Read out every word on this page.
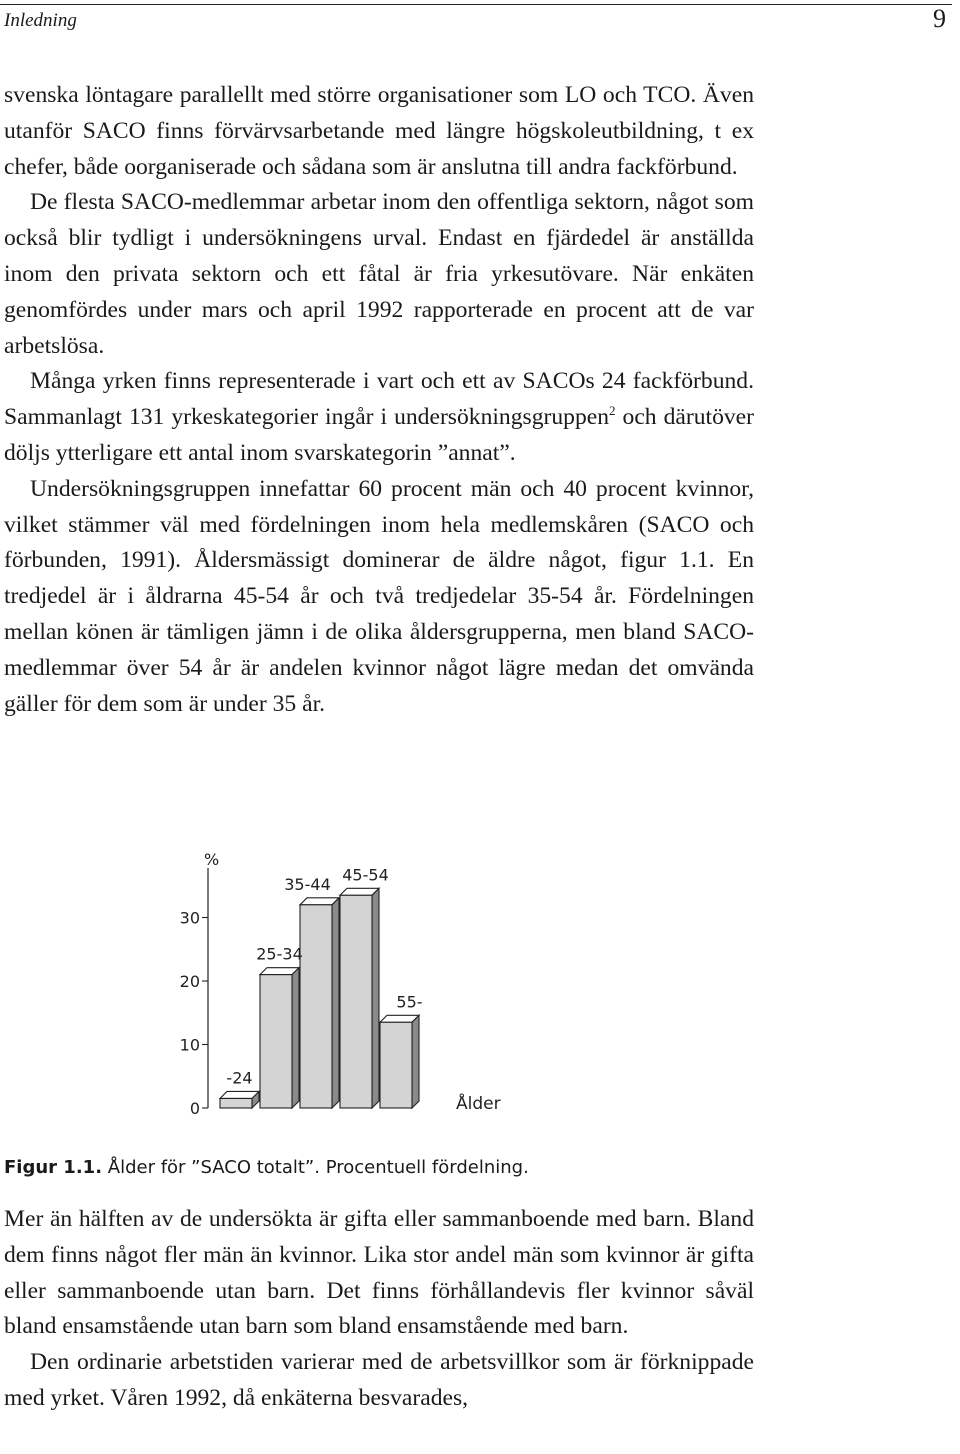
Inledning	9

svenska löntagare parallellt med större organisationer som LO och TCO. Även utanför SACO finns förvärvsarbetande med längre högskoleutbildning, t ex chefer, både oorganiserade och sådana som är anslutna till andra fackförbund.

De flesta SACO-medlemmar arbetar inom den offentliga sektorn, något som också blir tydligt i undersökningens urval. Endast en fjärdedel är anställda inom den privata sektorn och ett fåtal är fria yrkesutövare. När enkäten genomfördes under mars och april 1992 rapporterade en procent att de var arbetslösa.

Många yrken finns representerade i vart och ett av SACOs 24 fackförbund. Sammanlagt 131 yrkeskategorier ingår i undersökningsgruppen$^2$ och därutöver döljs ytterligare ett antal inom svarskategorin ”annat”.

Undersökningsgruppen innefattar 60 procent män och 40 procent kvinnor, vilket stämmer väl med fördelningen inom hela medlemskåren (SACO och förbunden, 1991). Åldersmässigt dominerar de äldre något, figur 1.1. En tredjedel är i åldrarna 45-54 år och två tredjedelar 35-54 år. Fördelningen mellan könen är tämligen jämn i de olika åldersgrupperna, men bland SACO-medlemmar över 54 år är andelen kvinnor något lägre medan det omvända gäller för dem som är under 35 år.

%
Ålder
0
10
20
30
-24
25-34
35-44
45-54
55-
Figur 1.1. Ålder för ”SACO totalt”. Procentuell fördelning.

Mer än hälften av de undersökta är gifta eller sammanboende med barn. Bland dem finns något fler män än kvinnor. Lika stor andel män som kvinnor är gifta eller sammanboende utan barn. Det finns förhållandevis fler kvinnor såväl bland ensamstående utan barn som bland ensamstående med barn.

Den ordinarie arbetstiden varierar med de arbetsvillkor som är förknippade med yrket. Våren 1992, då enkäterna besvarades,
